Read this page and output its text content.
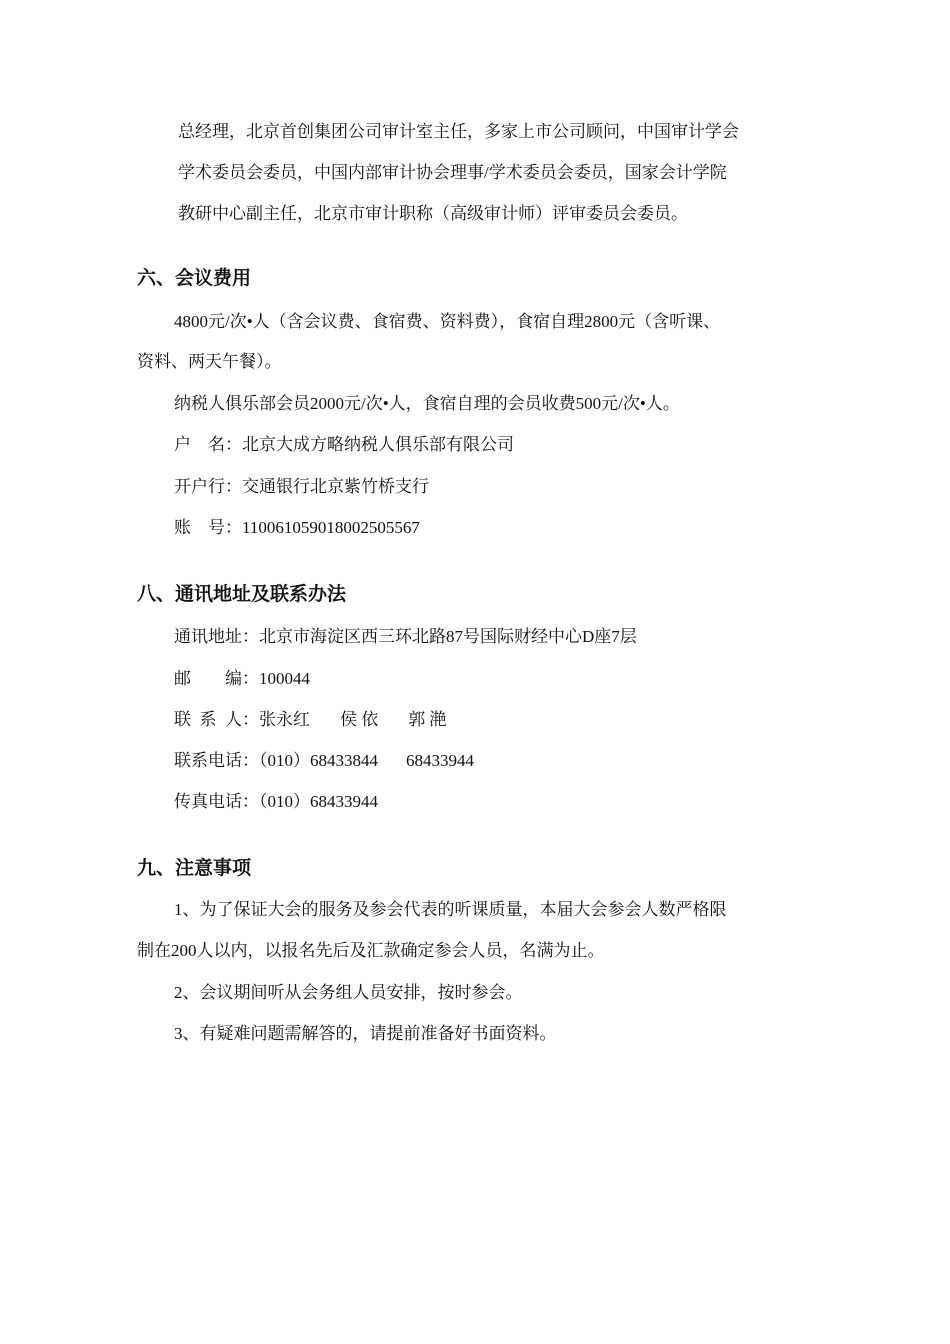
总经理，北京首创集团公司审计室主任，多家上市公司顾问，中国审计学会
学术委员会委员，中国内部审计协会理事/学术委员会委员，国家会计学院
教研中心副主任，北京市审计职称（高级审计师）评审委员会委员。
六、会议费用
4800元/次•人（含会议费、食宿费、资料费），食宿自理2800元（含听课、
资料、两天午餐）。
纳税人俱乐部会员2000元/次•人，食宿自理的会员收费500元/次•人。
户    名：北京大成方略纳税人俱乐部有限公司
开户行：交通银行北京紫竹桥支行
账    号：110061059018002505567
八、通讯地址及联系办法
通讯地址：北京市海淀区西三环北路87号国际财经中心D座7层
邮        编：100044
联  系  人：张永红 侯 依 郭 滟
联系电话：（010）68433844 68433944
传真电话：（010）68433944
九、注意事项
1、为了保证大会的服务及参会代表的听课质量，本届大会参会人数严格限
制在200人以内，以报名先后及汇款确定参会人员，名满为止。
2、会议期间听从会务组人员安排，按时参会。
3、有疑难问题需解答的，请提前准备好书面资料。
